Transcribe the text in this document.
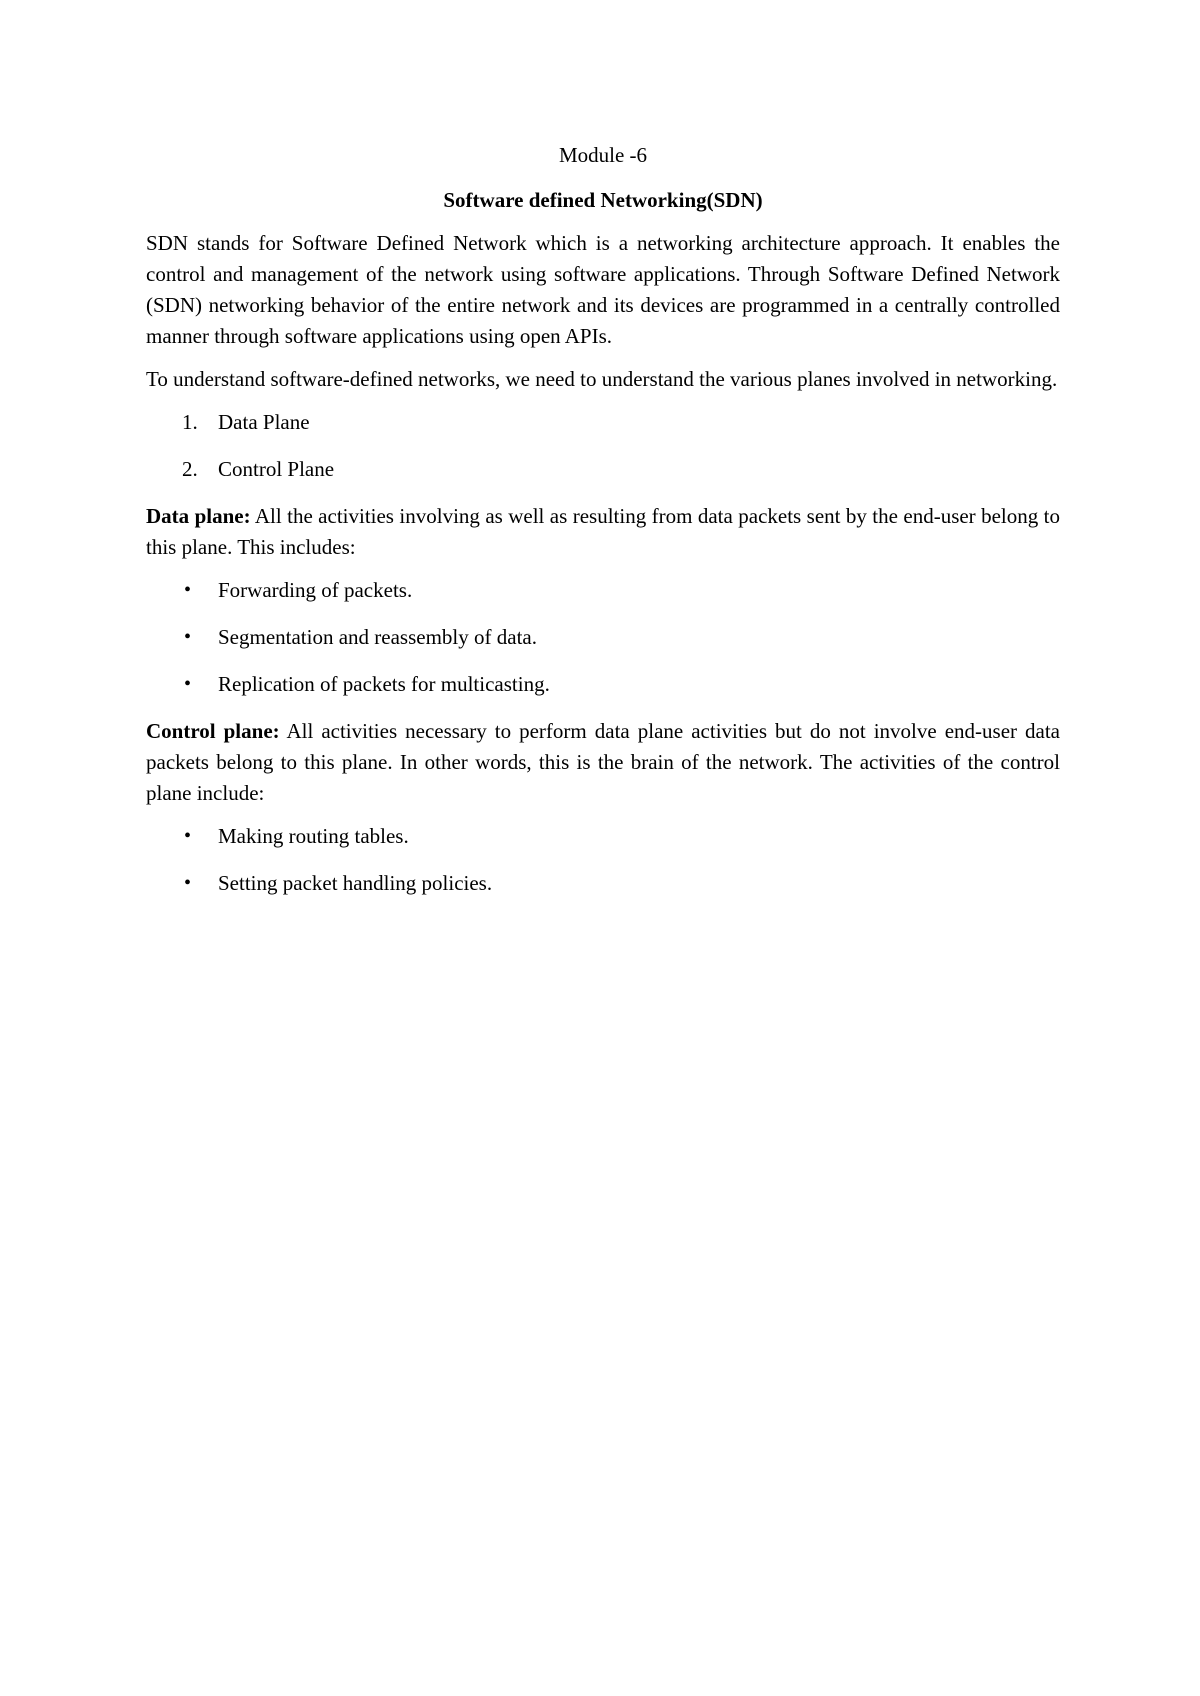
Module -6
Software defined Networking(SDN)

SDN stands for Software Defined Network which is a networking architecture approach. It enables the control and management of the network using software applications. Through Software Defined Network (SDN) networking behavior of the entire network and its devices are programmed in a centrally controlled manner through software applications using open APIs.

To understand software-defined networks, we need to understand the various planes involved in networking.

1. Data Plane
2. Control Plane

Data plane: All the activities involving as well as resulting from data packets sent by the end-user belong to this plane. This includes:

• Forwarding of packets.
• Segmentation and reassembly of data.
• Replication of packets for multicasting.

Control plane: All activities necessary to perform data plane activities but do not involve end-user data packets belong to this plane. In other words, this is the brain of the network. The activities of the control plane include:

• Making routing tables.
• Setting packet handling policies.
